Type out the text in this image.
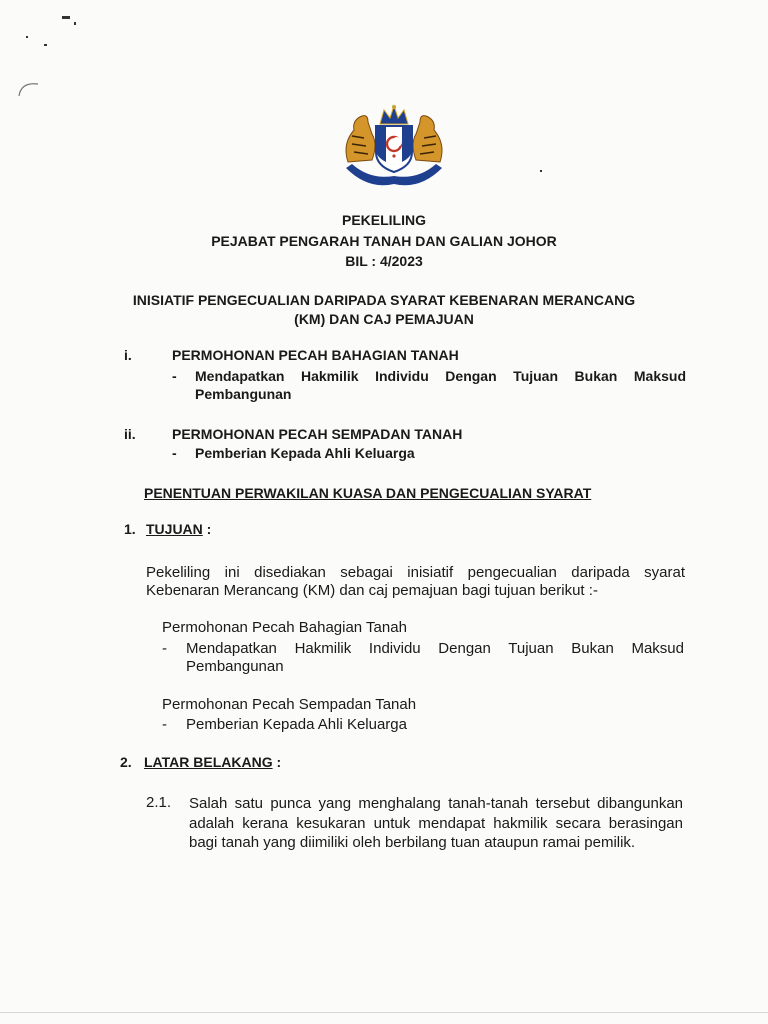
PEKELILING
PEJABAT PENGARAH TANAH DAN GALIAN JOHOR
BIL : 4/2023
INISIATIF PENGECUALIAN DARIPADA SYARAT KEBENARAN MERANCANG
(KM) DAN CAJ PEMAJUAN
i.	PERMOHONAN PECAH BAHAGIAN TANAH
- Mendapatkan Hakmilik Individu Dengan Tujuan Bukan Maksud
Pembangunan
ii.	PERMOHONAN PECAH SEMPADAN TANAH
- Pemberian Kepada Ahli Keluarga
PENENTUAN PERWAKILAN KUASA DAN PENGECUALIAN SYARAT
1. TUJUAN :
Pekeliling ini disediakan sebagai inisiatif pengecualian daripada syarat
Kebenaran Merancang (KM) dan caj pemajuan bagi tujuan berikut :-
Permohonan Pecah Bahagian Tanah
- Mendapatkan Hakmilik Individu Dengan Tujuan Bukan Maksud
Pembangunan
Permohonan Pecah Sempadan Tanah
- Pemberian Kepada Ahli Keluarga
2. LATAR BELAKANG :
2.1. Salah satu punca yang menghalang tanah-tanah tersebut dibangunkan
adalah kerana kesukaran untuk mendapat hakmilik secara berasingan
bagi tanah yang diimiliki oleh berbilang tuan ataupun ramai pemilik.
